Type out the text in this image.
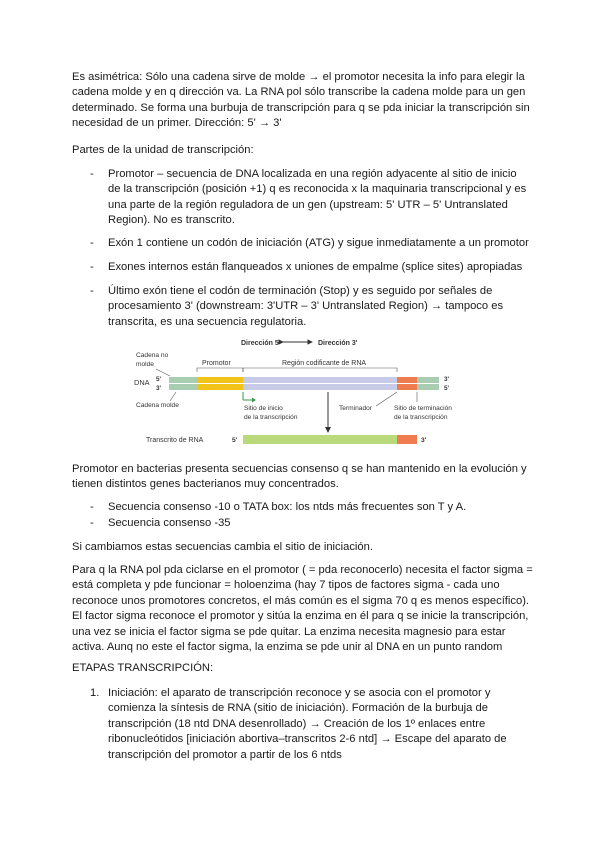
Es asimétrica: Sólo una cadena sirve de molde → el promotor necesita la info para elegir la cadena molde y en q dirección va. La RNA pol sólo transcribe la cadena molde para un gen determinado. Se forma una burbuja de transcripción para q se pda iniciar la transcripción sin necesidad de un primer. Dirección: 5' → 3'

Partes de la unidad de transcripción:

- Promotor – secuencia de DNA localizada en una región adyacente al sitio de inicio de la transcripción (posición +1) q es reconocida x la maquinaria transcripcional y es una parte de la región reguladora de un gen (upstream: 5' UTR – 5' Untranslated Region). No es transcrito.

- Exón 1 contiene un codón de iniciación (ATG) y sigue inmediatamente a un promotor

- Exones internos están flanqueados x uniones de empalme (splice sites) apropiadas

- Último exón tiene el codón de terminación (Stop) y es seguido por señales de procesamiento 3' (downstream: 3'UTR – 3' Untranslated Region) → tampoco es transcrita, es una secuencia regulatoria.

Dirección 5'	Dirección 3'
Cadena no
molde
DNA 5'
3'
3'
5'
Promotor	Región codificante de RNA
Cadena molde	Sitio de inicio
de la transcripción
Terminador	Sitio de terminación
de la transcripción
Transcrito de RNA	5'	3'

Promotor en bacterias presenta secuencias consenso q se han mantenido en la evolución y tienen distintos genes bacterianos muy concentrados.

- Secuencia consenso -10 o TATA box: los ntds más frecuentes son T y A.

- Secuencia consenso -35

Si cambiamos estas secuencias cambia el sitio de iniciación.

Para q la RNA pol pda ciclarse en el promotor ( = pda reconocerlo) necesita el factor sigma = está completa y pde funcionar = holoenzima (hay 7 tipos de factores sigma - cada uno reconoce unos promotores concretos, el más común es el sigma 70 q es menos específico). El factor sigma reconoce el promotor y sitúa la enzima en él para q se inicie la transcripción, una vez se inicia el factor sigma se pde quitar. La enzima necesita magnesio para estar activa. Aunq no este el factor sigma, la enzima se pde unir al DNA en un punto random

ETAPAS TRANSCRIPCIÓN:

1. Iniciación: el aparato de transcripción reconoce y se asocia con el promotor y comienza la síntesis de RNA (sitio de iniciación). Formación de la burbuja de transcripción (18 ntd DNA desenrollado) → Creación de los 1º enlaces entre ribonucleótidos [iniciación abortiva–transcritos 2-6 ntd] → Escape del aparato de transcripción del promotor a partir de los 6 ntds
